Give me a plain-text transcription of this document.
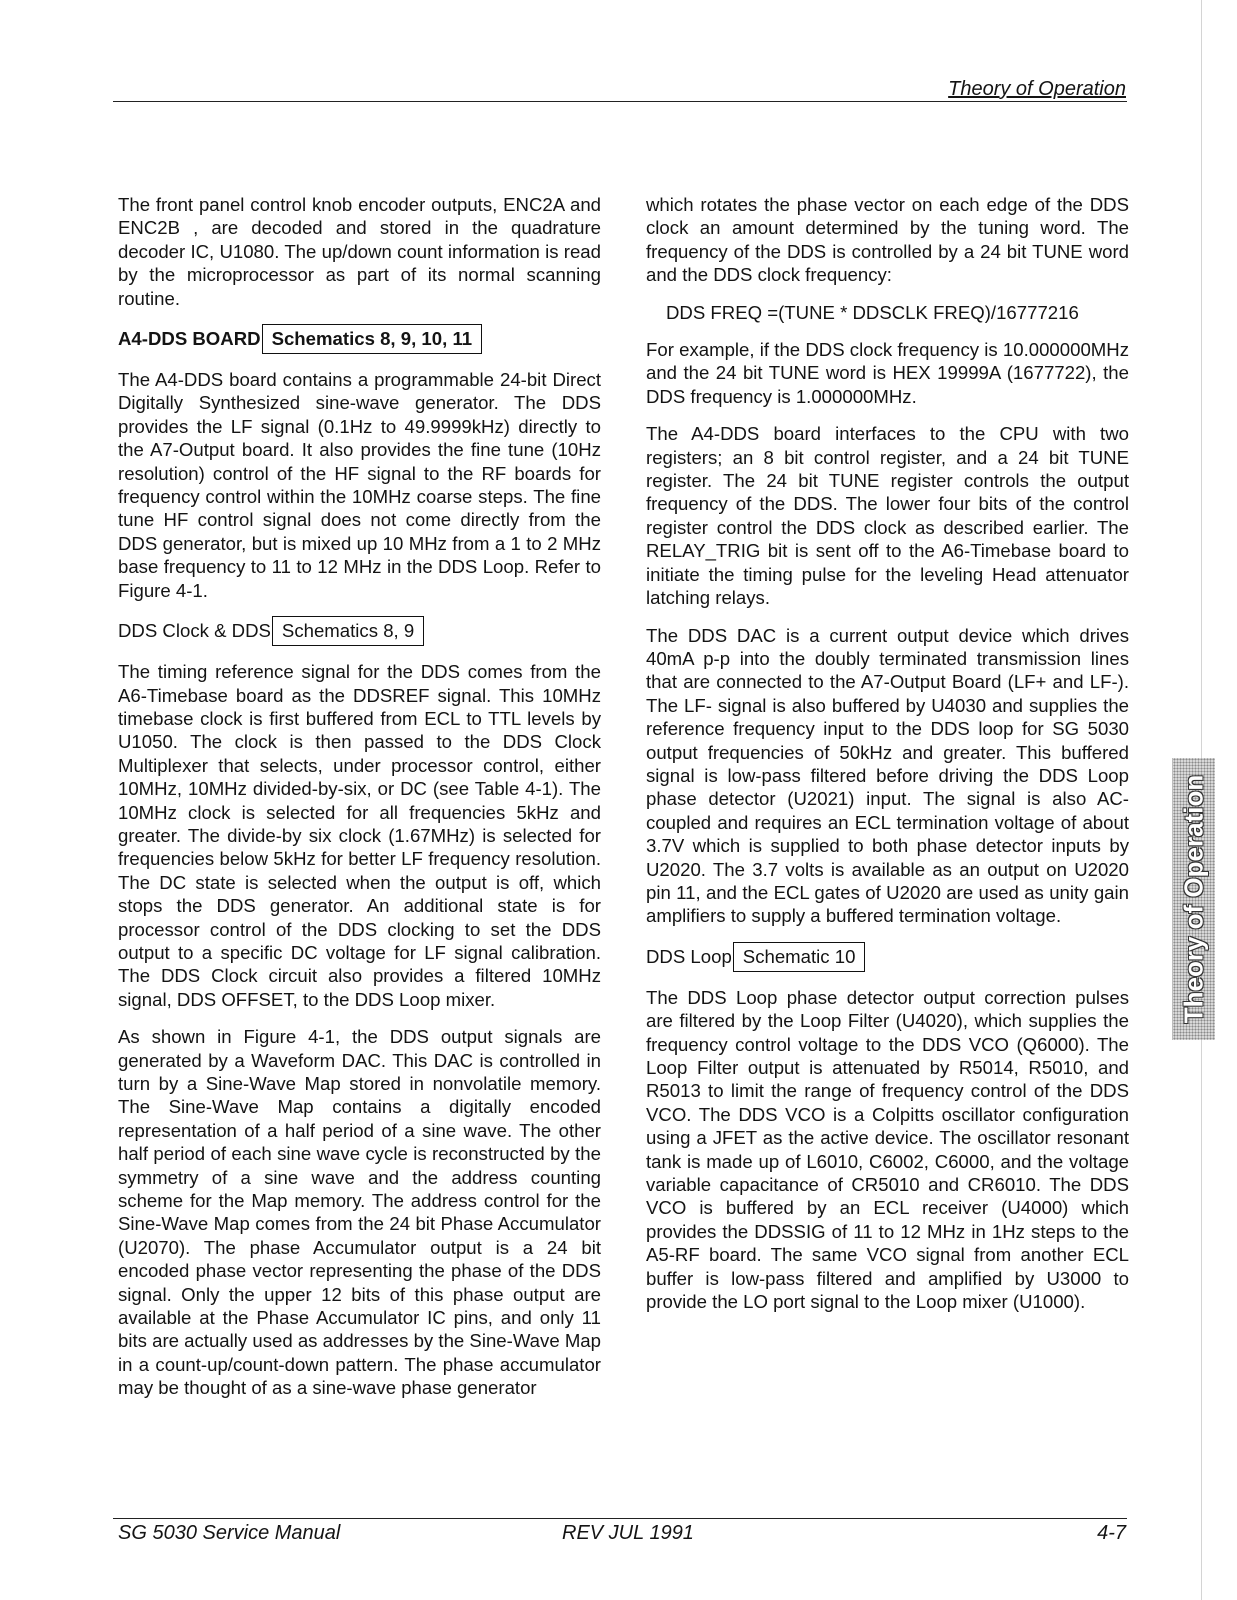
Theory of Operation

The front panel control knob encoder outputs, ENC2A and ENC2B , are decoded and stored in the quadrature decoder IC, U1080. The up/down count information is read by the microprocessor as part of its normal scanning routine.

A4-DDS BOARD Schematics 8, 9, 10, 11

The A4-DDS board contains a programmable 24-bit Direct Digitally Synthesized sine-wave generator. The DDS provides the LF signal (0.1Hz to 49.9999kHz) directly to the A7-Output board. It also provides the fine tune (10Hz resolution) control of the HF signal to the RF boards for frequency control within the 10MHz coarse steps. The fine tune HF control signal does not come directly from the DDS generator, but is mixed up 10 MHz from a 1 to 2 MHz base frequency to 11 to 12 MHz in the DDS Loop. Refer to Figure 4-1.

DDS Clock & DDS Schematics 8, 9

The timing reference signal for the DDS comes from the A6-Timebase board as the DDSREF signal. This 10MHz timebase clock is first buffered from ECL to TTL levels by U1050. The clock is then passed to the DDS Clock Multiplexer that selects, under processor control, either 10MHz, 10MHz divided-by-six, or DC (see Table 4-1). The 10MHz clock is selected for all frequencies 5kHz and greater. The divide-by six clock (1.67MHz) is selected for frequencies below 5kHz for better LF frequency resolution. The DC state is selected when the output is off, which stops the DDS generator. An additional state is for processor control of the DDS clocking to set the DDS output to a specific DC voltage for LF signal calibration. The DDS Clock circuit also provides a filtered 10MHz signal, DDS OFFSET, to the DDS Loop mixer.

As shown in Figure 4-1, the DDS output signals are generated by a Waveform DAC. This DAC is controlled in turn by a Sine-Wave Map stored in nonvolatile memory. The Sine-Wave Map contains a digitally encoded representation of a half period of a sine wave. The other half period of each sine wave cycle is reconstructed by the symmetry of a sine wave and the address counting scheme for the Map memory. The address control for the Sine-Wave Map comes from the 24 bit Phase Accumulator (U2070). The phase Accumulator output is a 24 bit encoded phase vector representing the phase of the DDS signal. Only the upper 12 bits of this phase output are available at the Phase Accumulator IC pins, and only 11 bits are actually used as addresses by the Sine-Wave Map in a count-up/count-down pattern. The phase accumulator may be thought of as a sine-wave phase generator

which rotates the phase vector on each edge of the DDS clock an amount determined by the tuning word. The frequency of the DDS is controlled by a 24 bit TUNE word and the DDS clock frequency:

DDS FREQ =(TUNE * DDSCLK FREQ)/16777216

For example, if the DDS clock frequency is 10.000000MHz and the 24 bit TUNE word is HEX 19999A (1677722), the DDS frequency is 1.000000MHz.

The A4-DDS board interfaces to the CPU with two registers; an 8 bit control register, and a 24 bit TUNE register. The 24 bit TUNE register controls the output frequency of the DDS. The lower four bits of the control register control the DDS clock as described earlier. The RELAY_TRIG bit is sent off to the A6-Timebase board to initiate the timing pulse for the leveling Head attenuator latching relays.

The DDS DAC is a current output device which drives 40mA p-p into the doubly terminated transmission lines that are connected to the A7-Output Board (LF+ and LF-). The LF- signal is also buffered by U4030 and supplies the reference frequency input to the DDS loop for SG 5030 output frequencies of 50kHz and greater. This buffered signal is low-pass filtered before driving the DDS Loop phase detector (U2021) input. The signal is also AC-coupled and requires an ECL termination voltage of about 3.7V which is supplied to both phase detector inputs by U2020. The 3.7 volts is available as an output on U2020 pin 11, and the ECL gates of U2020 are used as unity gain amplifiers to supply a buffered termination voltage.

DDS Loop Schematic 10

The DDS Loop phase detector output correction pulses are filtered by the Loop Filter (U4020), which supplies the frequency control voltage to the DDS VCO (Q6000). The Loop Filter output is attenuated by R5014, R5010, and R5013 to limit the range of frequency control of the DDS VCO. The DDS VCO is a Colpitts oscillator configuration using a JFET as the active device. The oscillator resonant tank is made up of L6010, C6002, C6000, and the voltage variable capacitance of CR5010 and CR6010. The DDS VCO is buffered by an ECL receiver (U4000) which provides the DDSSIG of 11 to 12 MHz in 1Hz steps to the A5-RF board. The same VCO signal from another ECL buffer is low-pass filtered and amplified by U3000 to provide the LO port signal to the Loop mixer (U1000).

Theory of Operation
SG 5030 Service Manual	REV JUL 1991	4-7
